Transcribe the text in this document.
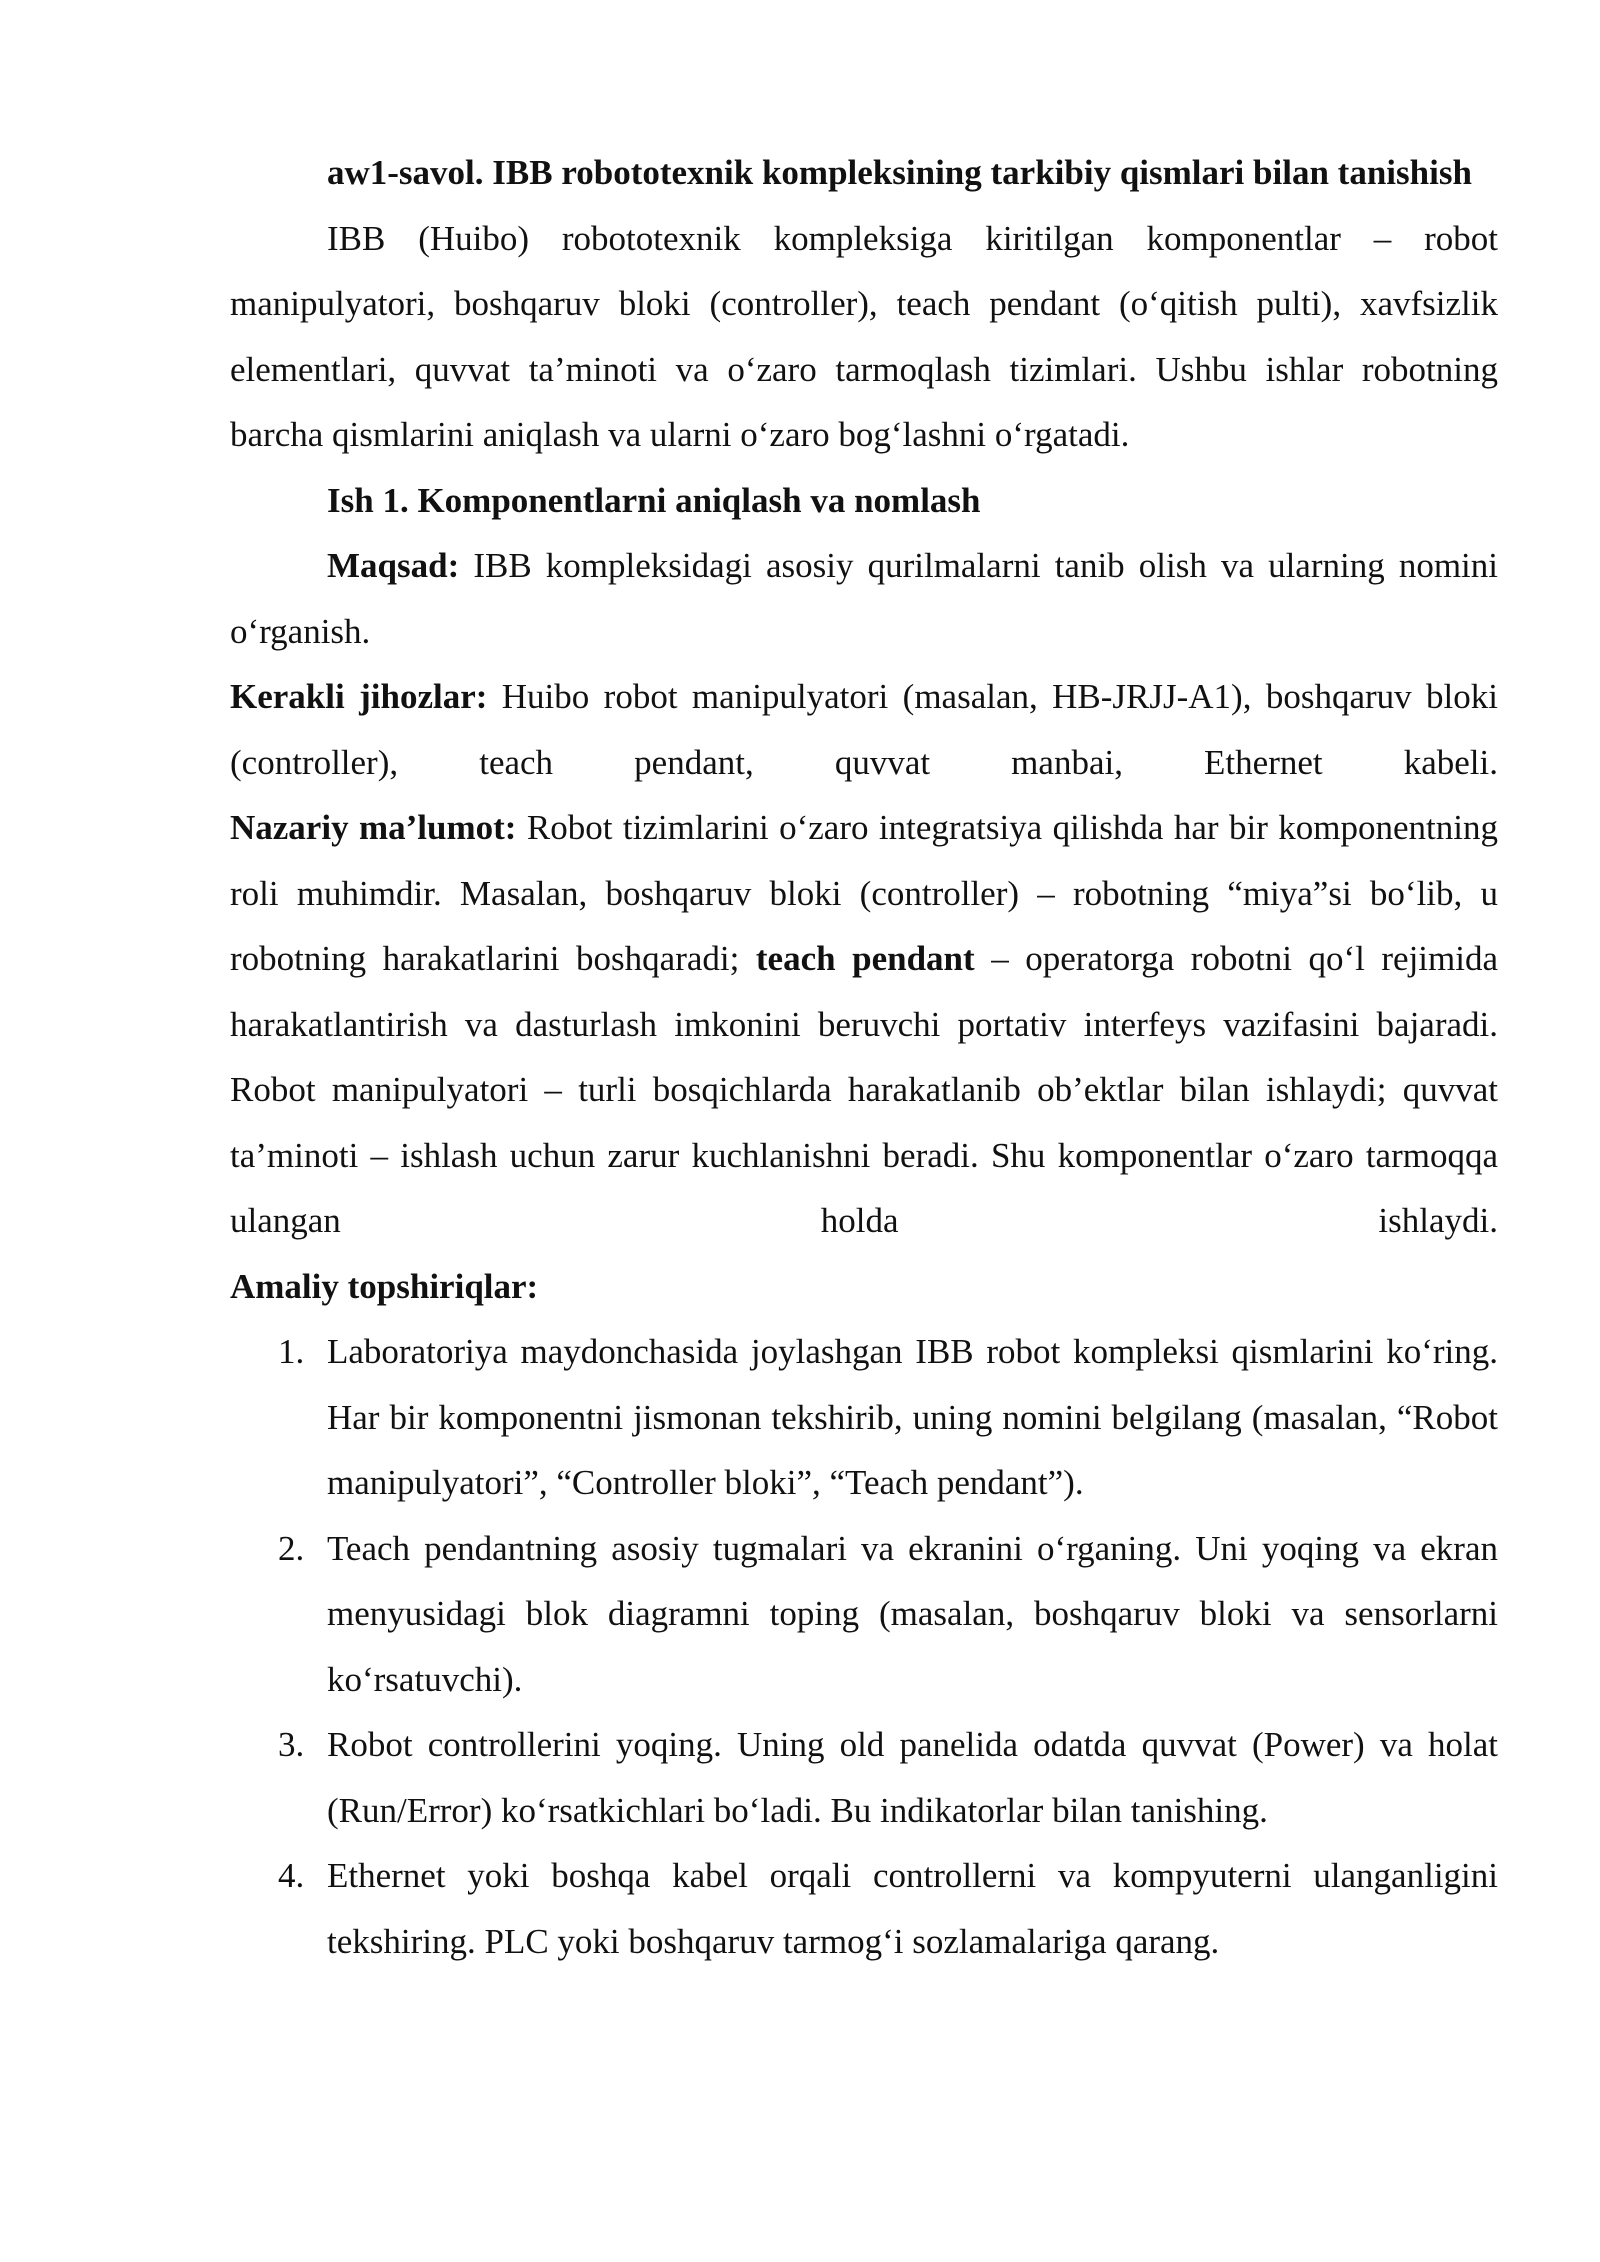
aw1-savol. IBB robototexnik kompleksining tarkibiy qismlari bilan tanishish

IBB (Huibo) robototexnik kompleksiga kiritilgan komponentlar – robot manipulyatori, boshqaruv bloki (controller), teach pendant (o‘qitish pulti), xavfsizlik elementlari, quvvat ta’minoti va o‘zaro tarmoqlash tizimlari. Ushbu ishlar robotning barcha qismlarini aniqlash va ularni o‘zaro bog‘lashni o‘rgatadi.

Ish 1. Komponentlarni aniqlash va nomlash

Maqsad: IBB kompleksidagi asosiy qurilmalarni tanib olish va ularning nomini o‘rganish.

Kerakli jihozlar: Huibo robot manipulyatori (masalan, HB-JRJJ-A1), boshqaruv bloki (controller), teach pendant, quvvat manbai, Ethernet kabeli.

Nazariy ma’lumot: Robot tizimlarini o‘zaro integratsiya qilishda har bir komponentning roli muhimdir. Masalan, boshqaruv bloki (controller) – robotning “miya”si bo‘lib, u robotning harakatlarini boshqaradi; teach pendant – operatorga robotni qo‘l rejimida harakatlantirish va dasturlash imkonini beruvchi portativ interfeys vazifasini bajaradi. Robot manipulyatori – turli bosqichlarda harakatlanib ob’ektlar bilan ishlaydi; quvvat ta’minoti – ishlash uchun zarur kuchlanishni beradi. Shu komponentlar o‘zaro tarmoqqa ulangan holda ishlaydi.

Amaliy topshiriqlar:

1. Laboratoriya maydonchasida joylashgan IBB robot kompleksi qismlarini ko‘ring. Har bir komponentni jismonan tekshirib, uning nomini belgilang (masalan, “Robot manipulyatori”, “Controller bloki”, “Teach pendant”).
2. Teach pendantning asosiy tugmalari va ekranini o‘rganing. Uni yoqing va ekran menyusidagi blok diagramni toping (masalan, boshqaruv bloki va sensorlarni ko‘rsatuvchi).
3. Robot controllerini yoqing. Uning old panelida odatda quvvat (Power) va holat (Run/Error) ko‘rsatkichlari bo‘ladi. Bu indikatorlar bilan tanishing.
4. Ethernet yoki boshqa kabel orqali controllerni va kompyuterni ulanganligini tekshiring. PLC yoki boshqaruv tarmog‘i sozlamalariga qarang.
